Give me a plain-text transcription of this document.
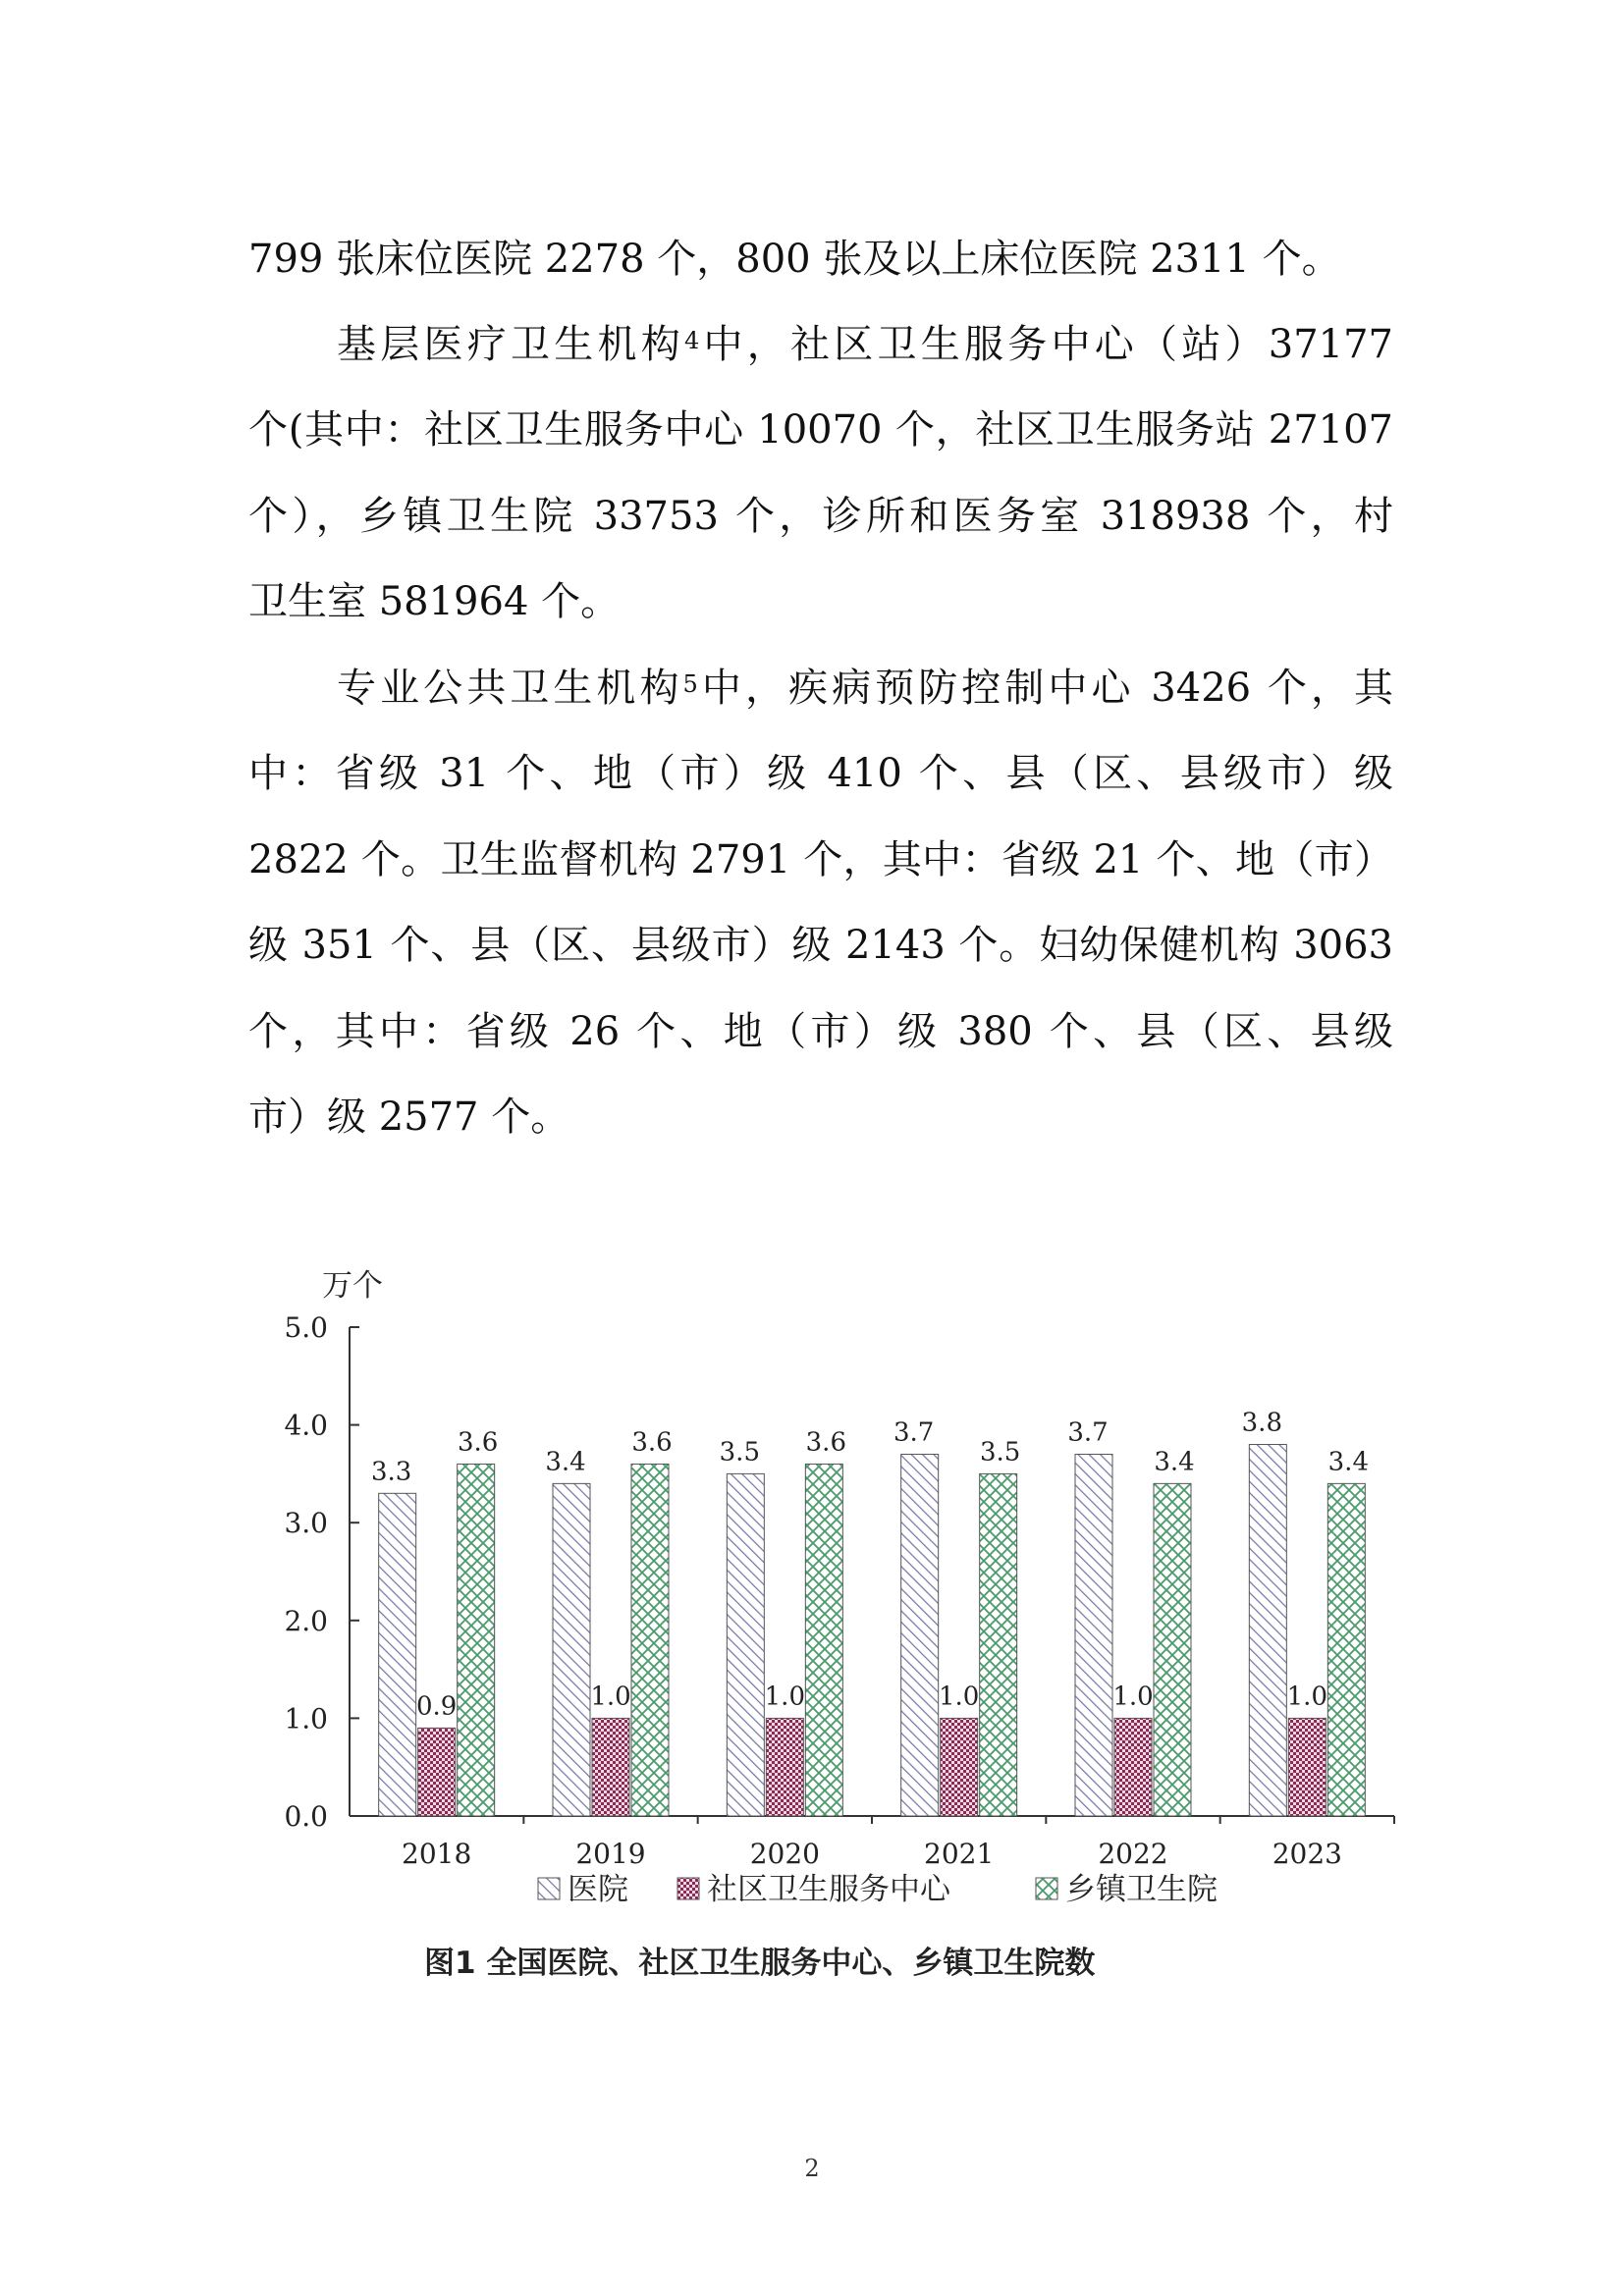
799 张床位医院 2278 个，800 张及以上床位医院 2311 个。
基层医疗卫生机构$^4$中，社区卫生服务中心（站）37177
个(其中：社区卫生服务中心 10070 个，社区卫生服务站 27107
个），乡镇卫生院 33753 个，诊所和医务室 318938 个，村
卫生室 581964 个。
专业公共卫生机构$^5$中，疾病预防控制中心 3426 个，其
中：省级 31 个、地（市）级 410 个、县（区、县级市）级
2822 个。卫生监督机构 2791 个，其中：省级 21 个、地（市）
级 351 个、县（区、县级市）级 2143 个。妇幼保健机构 3063
个，其中：省级 26 个、地（市）级 380 个、县（区、县级
市）级 2577 个。
万个
0.0
1.0
2.0
3.0
4.0
5.0
2018
3.3
0.9
3.6
2019
3.4
1.0
3.6
2020
3.5
1.0
3.6
2021
3.7
1.0
3.5
2022
3.7
1.0
3.4
2023
3.8
1.0
3.4
医院	社区卫生服务中心	乡镇卫生院
图1 全国医院、社区卫生服务中心、乡镇卫生院数
2
